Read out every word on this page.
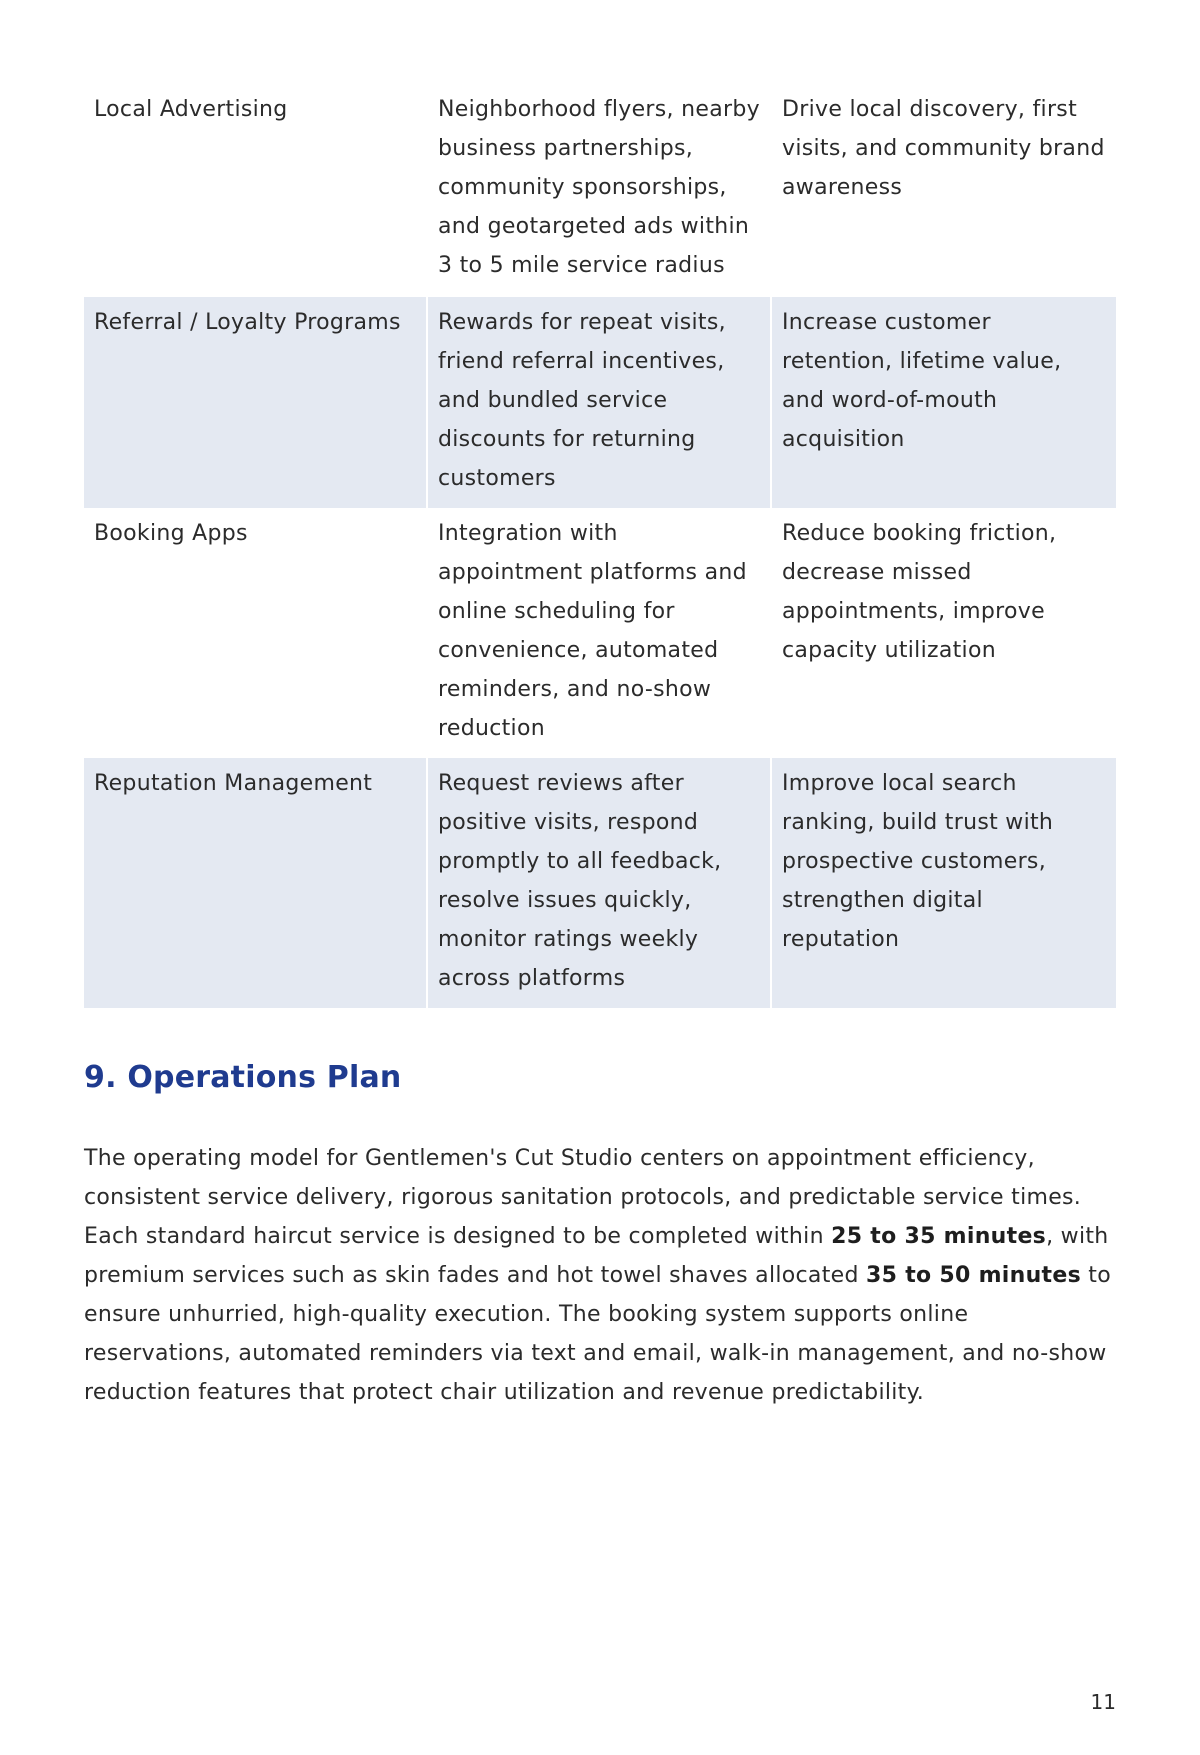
Local Advertising	Neighborhood flyers, nearby business partnerships, community sponsorships, and geotargeted ads within 3 to 5 mile service radius	Drive local discovery, first visits, and community brand awareness
Referral / Loyalty Programs	Rewards for repeat visits, friend referral incentives, and bundled service discounts for returning customers	Increase customer retention, lifetime value, and word-of-mouth acquisition
Booking Apps	Integration with appointment platforms and online scheduling for convenience, automated reminders, and no-show reduction	Reduce booking friction, decrease missed appointments, improve capacity utilization
Reputation Management	Request reviews after positive visits, respond promptly to all feedback, resolve issues quickly, monitor ratings weekly across platforms	Improve local search ranking, build trust with prospective customers, strengthen digital reputation
9. Operations Plan

The operating model for Gentlemen's Cut Studio centers on appointment efficiency, consistent service delivery, rigorous sanitation protocols, and predictable service times. Each standard haircut service is designed to be completed within 25 to 35 minutes, with premium services such as skin fades and hot towel shaves allocated 35 to 50 minutes to ensure unhurried, high-quality execution. The booking system supports online reservations, automated reminders via text and email, walk-in management, and no-show reduction features that protect chair utilization and revenue predictability.

11
